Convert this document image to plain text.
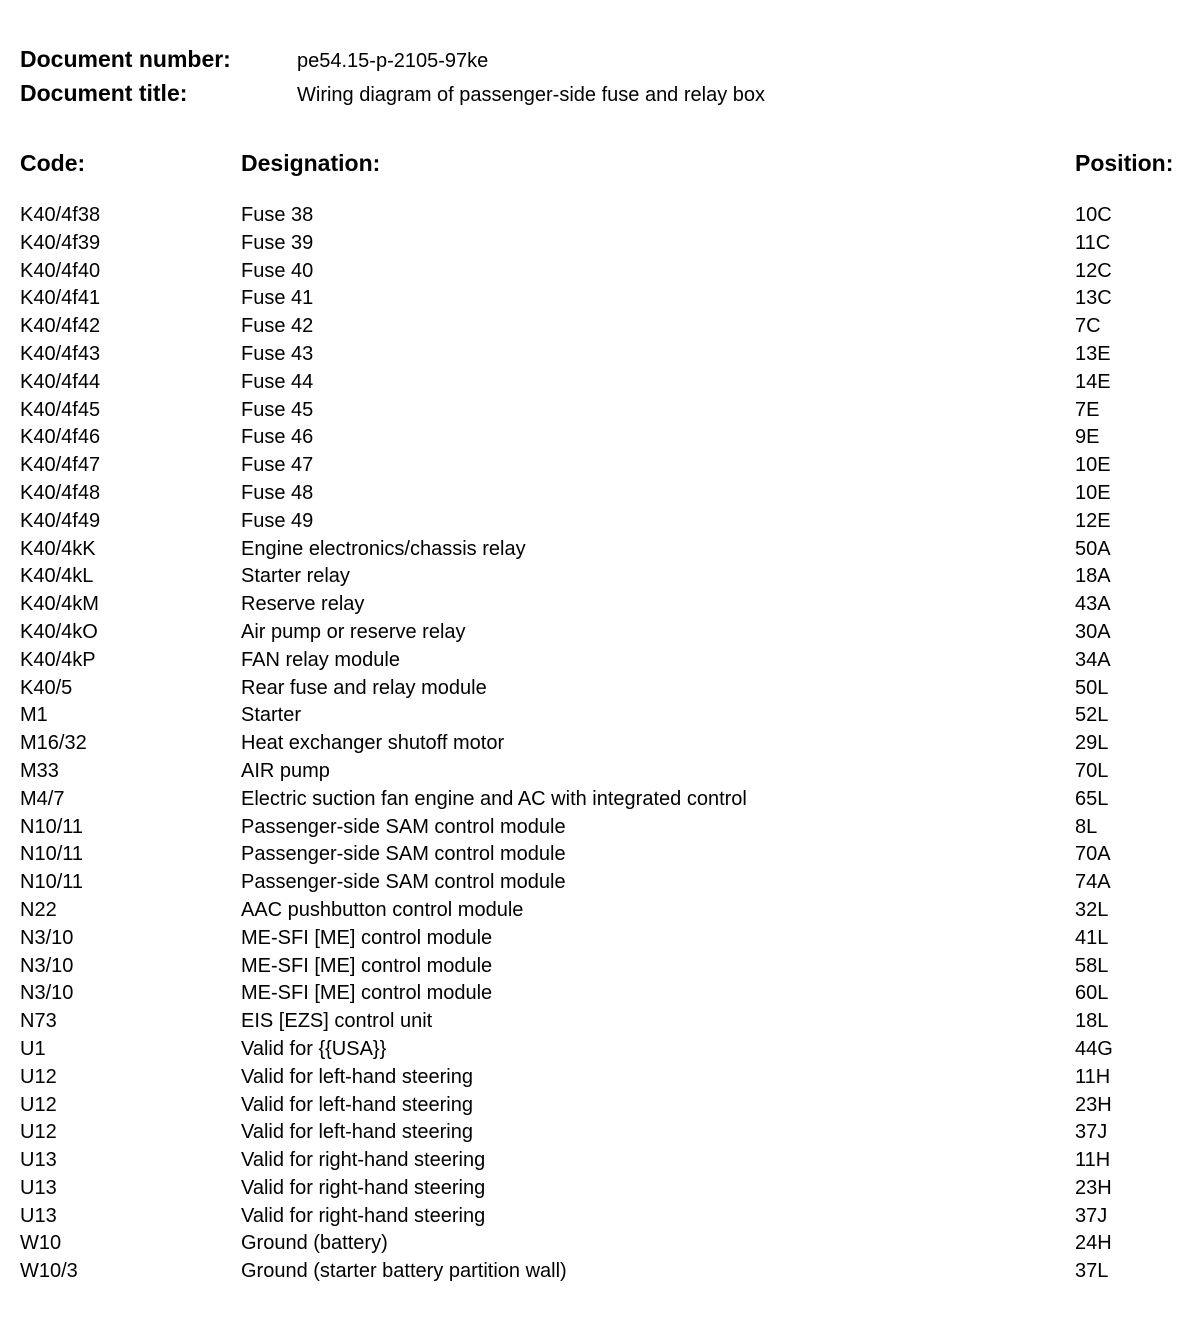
Document number:	pe54.15-p-2105-97ke
Document title:	Wiring diagram of passenger-side fuse and relay box
Code:	Designation:	Position:
K40/4f38	Fuse 38	10C
K40/4f39	Fuse 39	11C
K40/4f40	Fuse 40	12C
K40/4f41	Fuse 41	13C
K40/4f42	Fuse 42	7C
K40/4f43	Fuse 43	13E
K40/4f44	Fuse 44	14E
K40/4f45	Fuse 45	7E
K40/4f46	Fuse 46	9E
K40/4f47	Fuse 47	10E
K40/4f48	Fuse 48	10E
K40/4f49	Fuse 49	12E
K40/4kK	Engine electronics/chassis relay	50A
K40/4kL	Starter relay	18A
K40/4kM	Reserve relay	43A
K40/4kO	Air pump or reserve relay	30A
K40/4kP	FAN relay module	34A
K40/5	Rear fuse and relay module	50L
M1	Starter	52L
M16/32	Heat exchanger shutoff motor	29L
M33	AIR pump	70L
M4/7	Electric suction fan engine and AC with integrated control	65L
N10/11	Passenger-side SAM control module	8L
N10/11	Passenger-side SAM control module	70A
N10/11	Passenger-side SAM control module	74A
N22	AAC pushbutton control module	32L
N3/10	ME-SFI [ME] control module	41L
N3/10	ME-SFI [ME] control module	58L
N3/10	ME-SFI [ME] control module	60L
N73	EIS [EZS] control unit	18L
U1	Valid for {{USA}}	44G
U12	Valid for left-hand steering	11H
U12	Valid for left-hand steering	23H
U12	Valid for left-hand steering	37J
U13	Valid for right-hand steering	11H
U13	Valid for right-hand steering	23H
U13	Valid for right-hand steering	37J
W10	Ground (battery)	24H
W10/3	Ground (starter battery partition wall)	37L
